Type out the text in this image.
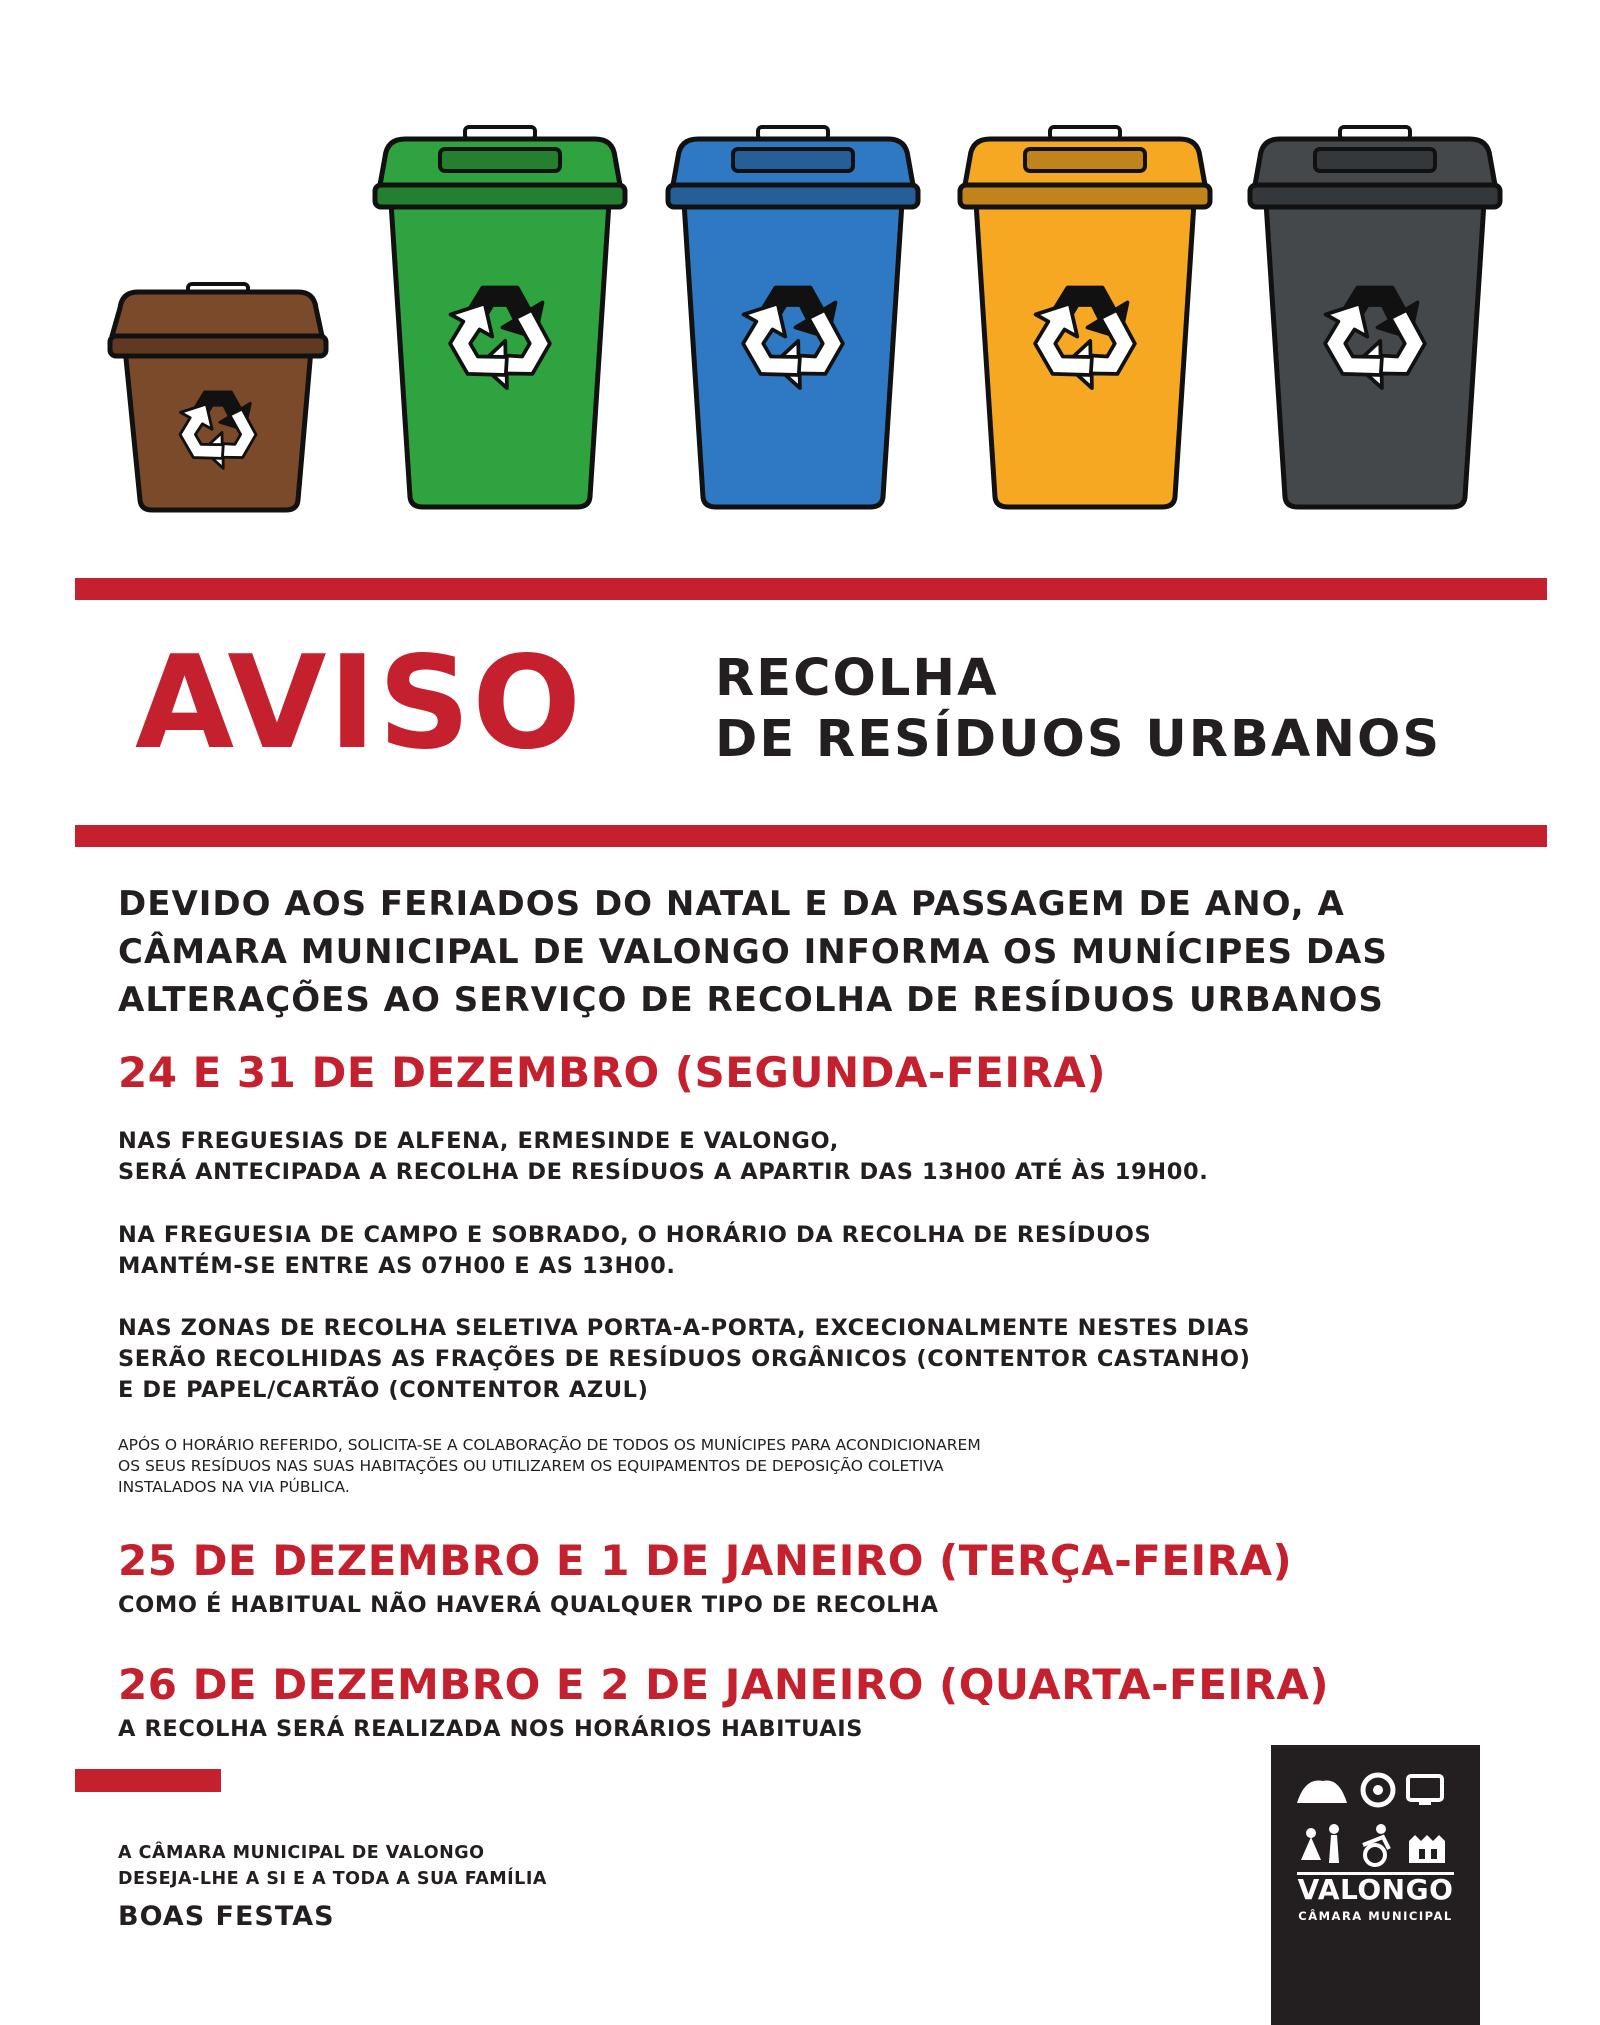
AVISO	RECOLHA
DE RESÍDUOS URBANOS
DEVIDO AOS FERIADOS DO NATAL E DA PASSAGEM DE ANO, A
CÂMARA MUNICIPAL DE VALONGO INFORMA OS MUNÍCIPES DAS
ALTERAÇÕES AO SERVIÇO DE RECOLHA DE RESÍDUOS URBANOS
24 E 31 DE DEZEMBRO (SEGUNDA-FEIRA)
NAS FREGUESIAS DE ALFENA, ERMESINDE E VALONGO,
SERÁ ANTECIPADA A RECOLHA DE RESÍDUOS A APARTIR DAS 13H00 ATÉ ÀS 19H00.
NA FREGUESIA DE CAMPO E SOBRADO, O HORÁRIO DA RECOLHA DE RESÍDUOS
MANTÉM-SE ENTRE AS 07H00 E AS 13H00.
NAS ZONAS DE RECOLHA SELETIVA PORTA-A-PORTA, EXCECIONALMENTE NESTES DIAS
SERÃO RECOLHIDAS AS FRAÇÕES DE RESÍDUOS ORGÂNICOS (CONTENTOR CASTANHO)
E DE PAPEL/CARTÃO (CONTENTOR AZUL)
APÓS O HORÁRIO REFERIDO, SOLICITA-SE A COLABORAÇÃO DE TODOS OS MUNÍCIPES PARA ACONDICIONAREM
OS SEUS RESÍDUOS NAS SUAS HABITAÇÕES OU UTILIZAREM OS EQUIPAMENTOS DE DEPOSIÇÃO COLETIVA
INSTALADOS NA VIA PÚBLICA.
25 DE DEZEMBRO E 1 DE JANEIRO (TERÇA-FEIRA)
COMO É HABITUAL NÃO HAVERÁ QUALQUER TIPO DE RECOLHA
26 DE DEZEMBRO E 2 DE JANEIRO (QUARTA-FEIRA)
A RECOLHA SERÁ REALIZADA NOS HORÁRIOS HABITUAIS
A CÂMARA MUNICIPAL DE VALONGO
DESEJA-LHE A SI E A TODA A SUA FAMÍLIA
BOAS FESTAS
VALONGO
CÂMARA MUNICIPAL
